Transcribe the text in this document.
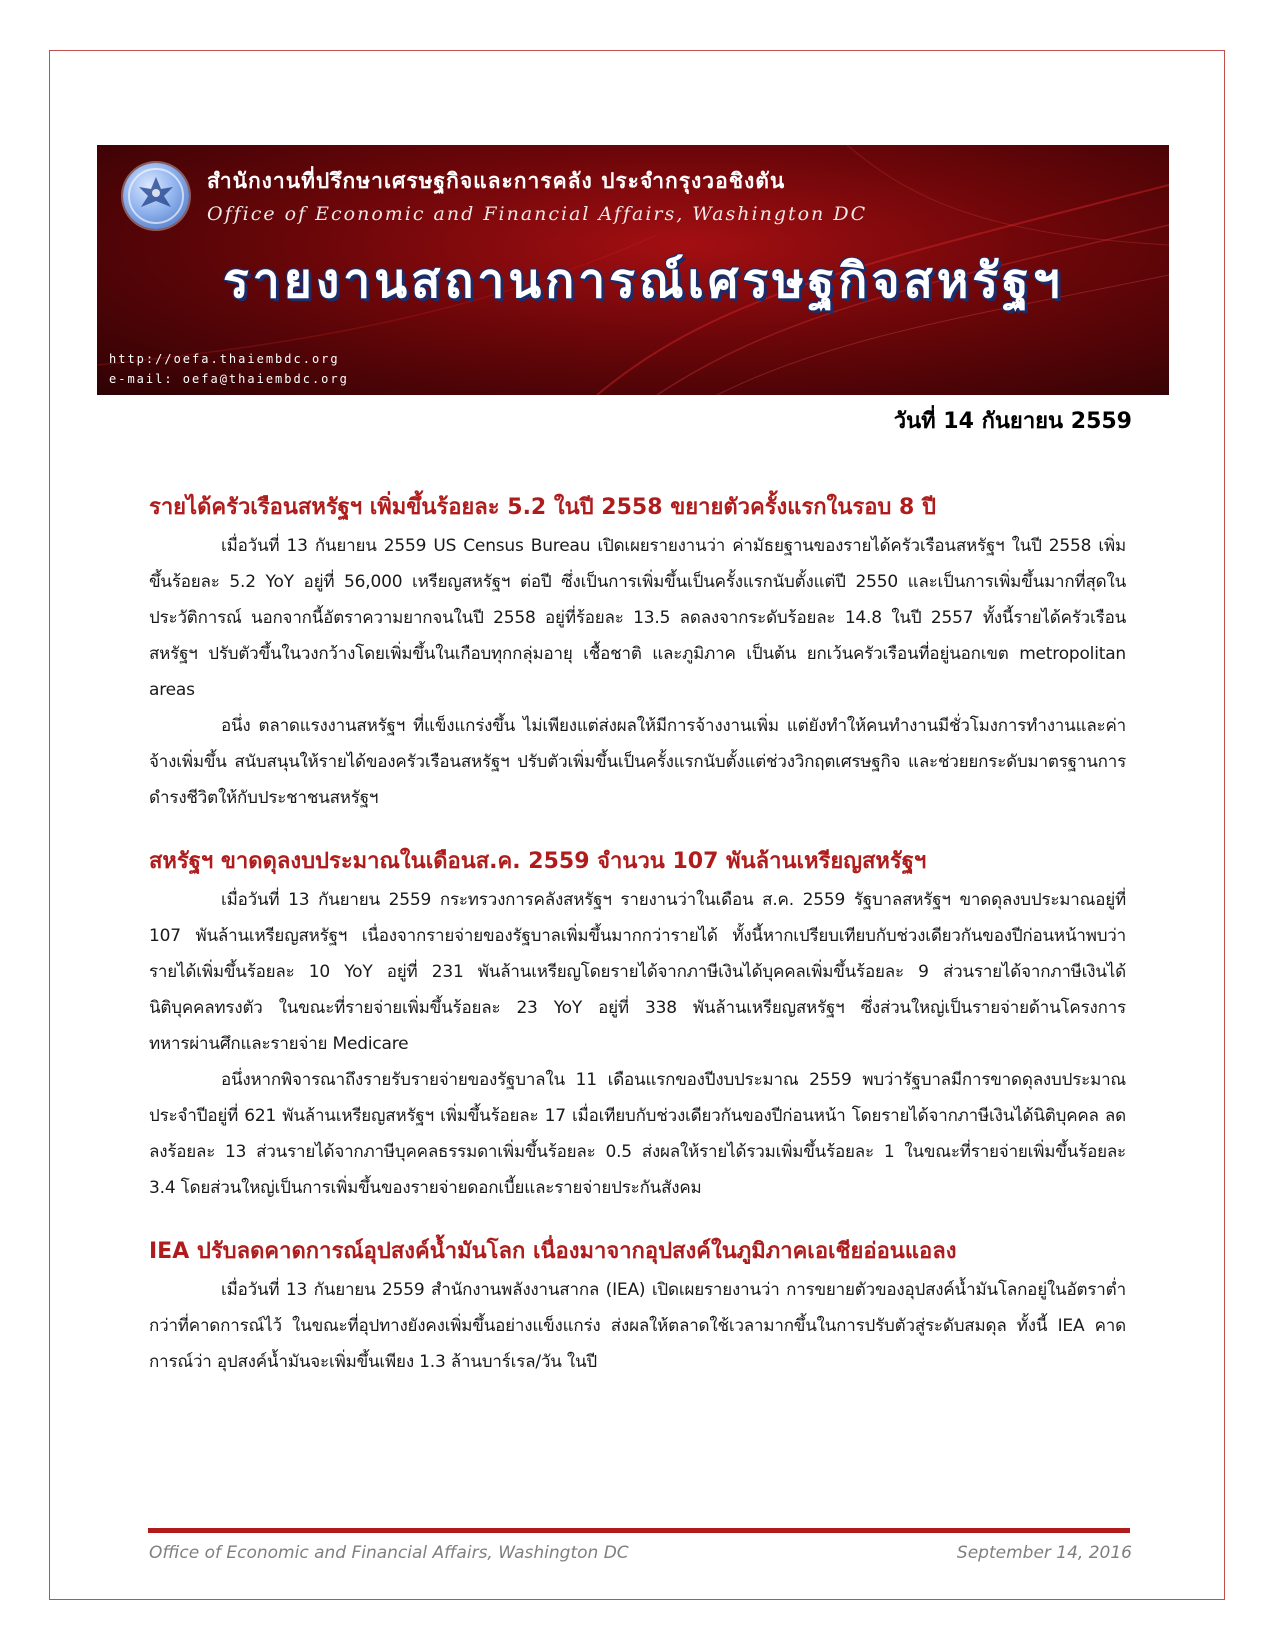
สำนักงานที่ปรึกษาเศรษฐกิจและการคลัง ประจำกรุงวอชิงตัน
Office of Economic and Financial Affairs, Washington DC
รายงานสถานการณ์เศรษฐกิจสหรัฐฯ
http://oefa.thaiembdc.org
e-mail: oefa@thaiembdc.org
วันที่ 14 กันยายน 2559
รายได้ครัวเรือนสหรัฐฯ เพิ่มขึ้นร้อยละ 5.2 ในปี 2558 ขยายตัวครั้งแรกในรอบ 8 ปี

เมื่อวันที่ 13 กันยายน 2559 US Census Bureau เปิดเผยรายงานว่า ค่ามัธยฐานของรายได้ครัวเรือนสหรัฐฯ ในปี 2558 เพิ่มขึ้นร้อยละ 5.2 YoY อยู่ที่ 56,000 เหรียญสหรัฐฯ ต่อปี ซึ่งเป็นการเพิ่มขึ้นเป็นครั้งแรกนับตั้งแต่ปี 2550 และเป็นการเพิ่มขึ้นมากที่สุดในประวัติการณ์ นอกจากนี้อัตราความยากจนในปี 2558 อยู่ที่ร้อยละ 13.5 ลดลงจากระดับร้อยละ 14.8 ในปี 2557 ทั้งนี้รายได้ครัวเรือนสหรัฐฯ ปรับตัวขึ้นในวงกว้างโดยเพิ่มขึ้นในเกือบทุกกลุ่มอายุ เชื้อชาติ และภูมิภาค เป็นต้น ยกเว้นครัวเรือนที่อยู่นอกเขต metropolitan areas

อนึ่ง ตลาดแรงงานสหรัฐฯ ที่แข็งแกร่งขึ้น ไม่เพียงแต่ส่งผลให้มีการจ้างงานเพิ่ม แต่ยังทำให้คนทำงานมีชั่วโมงการทำงานและค่าจ้างเพิ่มขึ้น สนับสนุนให้รายได้ของครัวเรือนสหรัฐฯ ปรับตัวเพิ่มขึ้นเป็นครั้งแรกนับตั้งแต่ช่วงวิกฤตเศรษฐกิจ และช่วยยกระดับมาตรฐานการดำรงชีวิตให้กับประชาชนสหรัฐฯ

สหรัฐฯ ขาดดุลงบประมาณในเดือนส.ค. 2559 จำนวน 107 พันล้านเหรียญสหรัฐฯ

เมื่อวันที่ 13 กันยายน 2559 กระทรวงการคลังสหรัฐฯ รายงานว่าในเดือน ส.ค. 2559 รัฐบาลสหรัฐฯ ขาดดุลงบประมาณอยู่ที่ 107 พันล้านเหรียญสหรัฐฯ เนื่องจากรายจ่ายของรัฐบาลเพิ่มขึ้นมากกว่ารายได้ ทั้งนี้หากเปรียบเทียบกับช่วงเดียวกันของปีก่อนหน้าพบว่า รายได้เพิ่มขึ้นร้อยละ 10 YoY อยู่ที่ 231 พันล้านเหรียญโดยรายได้จากภาษีเงินได้บุคคลเพิ่มขึ้นร้อยละ 9 ส่วนรายได้จากภาษีเงินได้นิติบุคคลทรงตัว ในขณะที่รายจ่ายเพิ่มขึ้นร้อยละ 23 YoY อยู่ที่ 338 พันล้านเหรียญสหรัฐฯ ซึ่งส่วนใหญ่เป็นรายจ่ายด้านโครงการทหารผ่านศึกและรายจ่าย Medicare

อนึ่งหากพิจารณาถึงรายรับรายจ่ายของรัฐบาลใน 11 เดือนแรกของปีงบประมาณ 2559 พบว่ารัฐบาลมีการขาดดุลงบประมาณประจำปีอยู่ที่ 621 พันล้านเหรียญสหรัฐฯ เพิ่มขึ้นร้อยละ 17 เมื่อเทียบกับช่วงเดียวกันของปีก่อนหน้า โดยรายได้จากภาษีเงินได้นิติบุคคล ลดลงร้อยละ 13 ส่วนรายได้จากภาษีบุคคลธรรมดาเพิ่มขึ้นร้อยละ 0.5 ส่งผลให้รายได้รวมเพิ่มขึ้นร้อยละ 1 ในขณะที่รายจ่ายเพิ่มขึ้นร้อยละ 3.4 โดยส่วนใหญ่เป็นการเพิ่มขึ้นของรายจ่ายดอกเบี้ยและรายจ่ายประกันสังคม

IEA ปรับลดคาดการณ์อุปสงค์น้ำมันโลก เนื่องมาจากอุปสงค์ในภูมิภาคเอเชียอ่อนแอลง

เมื่อวันที่ 13 กันยายน 2559 สำนักงานพลังงานสากล (IEA) เปิดเผยรายงานว่า การขยายตัวของอุปสงค์น้ำมันโลกอยู่ในอัตราต่ำกว่าที่คาดการณ์ไว้ ในขณะที่อุปทางยังคงเพิ่มขึ้นอย่างแข็งแกร่ง ส่งผลให้ตลาดใช้เวลามากขึ้นในการปรับตัวสู่ระดับสมดุล ทั้งนี้ IEA คาดการณ์ว่า อุปสงค์น้ำมันจะเพิ่มขึ้นเพียง 1.3 ล้านบาร์เรล/วัน ในปี

Office of Economic and Financial Affairs, Washington DC	September 14, 2016
